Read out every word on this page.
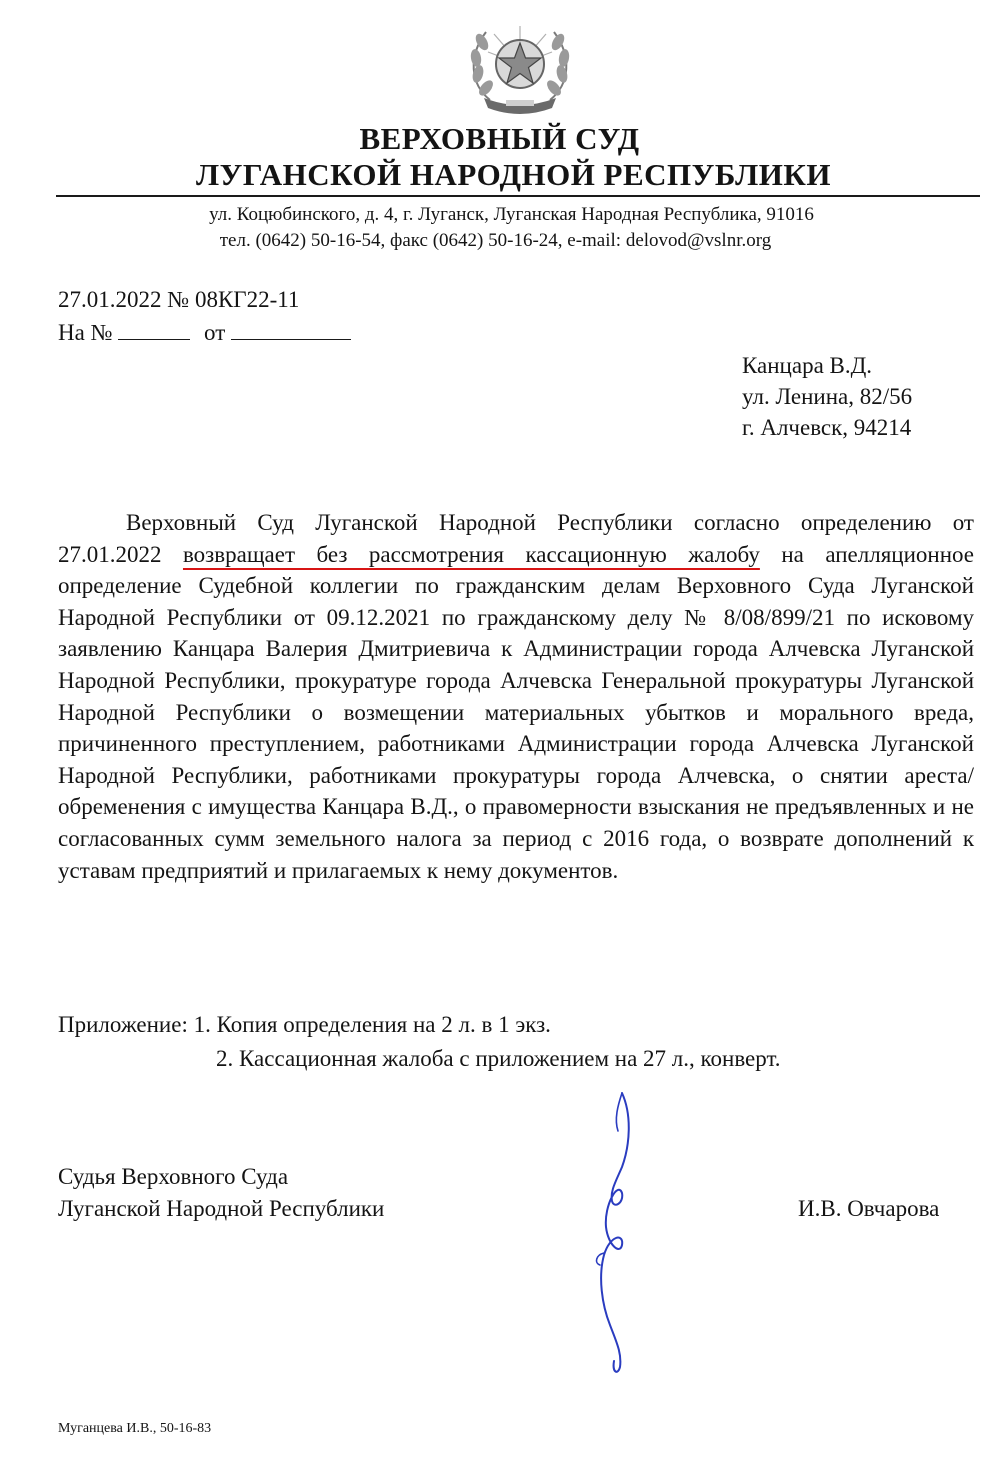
ВЕРХОВНЫЙ СУД
ЛУГАНСКОЙ НАРОДНОЙ РЕСПУБЛИКИ
ул. Коцюбинского, д. 4, г. Луганск, Луганская Народная Республика, 91016
тел. (0642) 50-16-54, факс (0642) 50-16-24, e-mail: delovod@vslnr.org
27.01.2022 № 08КГ22-11
На №	от
Канцара В.Д.
ул. Ленина, 82/56
г. Алчевск, 94214

Верховный Суд Луганской Народной Республики согласно определению от 27.01.2022 возвращает без рассмотрения кассационную жалобу на апелляционное определение Судебной коллегии по гражданским делам Верховного Суда Луганской Народной Республики от 09.12.2021 по гражданскому делу № 8/08/899/21 по исковому заявлению Канцара Валерия Дмитриевича к Администрации города Алчевска Луганской Народной Республики, прокуратуре города Алчевска Генеральной прокуратуры Луганской Народной Республики о возмещении материальных убытков и морального вреда, причиненного преступлением, работниками Администрации города Алчевска Луганской Народной Республики, работниками прокуратуры города Алчевска, о снятии ареста/обременения с имущества Канцара В.Д., о правомерности взыскания не предъявленных и не согласованных сумм земельного налога за период с 2016 года, о возврате дополнений к уставам предприятий и прилагаемых к нему документов.

Приложение: 1. Копия определения на 2 л. в 1 экз.
2. Кассационная жалоба с приложением на 27 л., конверт.
Судья Верховного Суда
Луганской Народной Республики	И.В. Овчарова
Муганцева И.В., 50-16-83
